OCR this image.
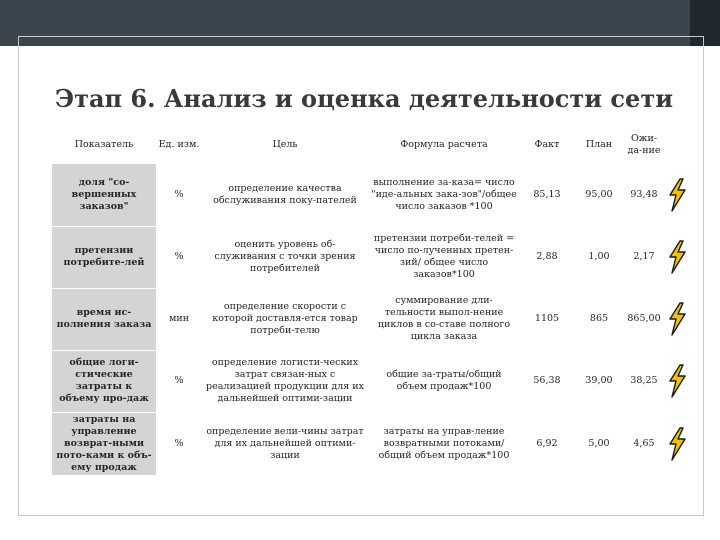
Этап 6. Анализ и оценка деятельности сети
Показатель	Ед. изм.	Цель	Формула расчета	Факт	План	Ожи-да-ние	
доля "со-вершенных заказов"	%	определение качества обслуживания поку-пателей	выполнение за-каза= число "иде-альных зака-зов"/общее число заказов *100	85,13	95,00	93,48	

претензии потребите-лей	%	оценить уровень об-служивания с точки зрения потребителей	претензии потреби-телей = число по-лученных претен-зий/ общее число заказов*100	2,88	1,00	2,17	

время ис-полнения заказа	мин	определение скорости с которой доставля-ется товар потреби-телю	суммирование дли-тельности выпол-нение циклов в со-ставе полного цикла заказа	1105	865	865,00	

общие логи-стические затраты к объему про-даж	%	определение логисти-ческих затрат связан-ных с реализацией продукции для их дальнейшей оптими-зации	общие за-траты/общий объем продаж*100	56,38	39,00	38,25	

затраты на управление возврат-ными пото-ками к объ-ему продаж	%	определение вели-чины затрат для их дальнейшей оптими-зации	затраты на управ-ление возвратными потоками/общий объем продаж*100	6,92	5,00	4,65	
